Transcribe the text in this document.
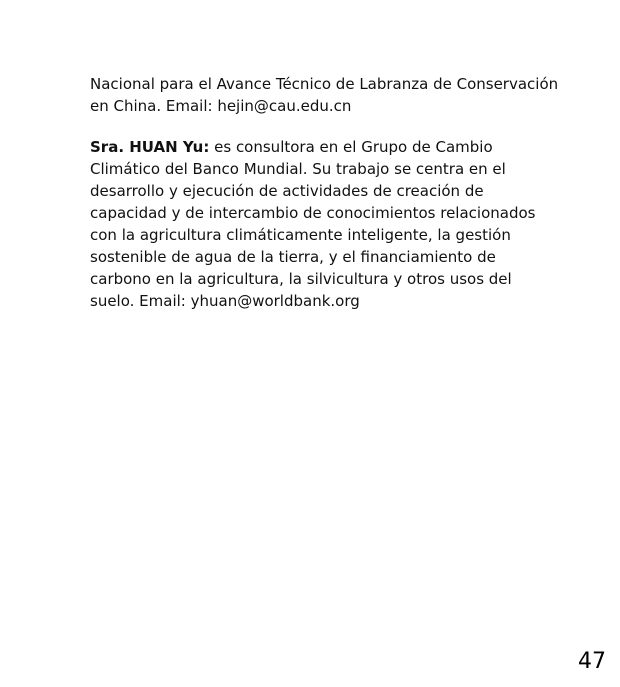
Nacional para el Avance Técnico de Labranza de Conservación en China. Email: hejin@cau.edu.cn
Sra. HUAN Yu: es consultora en el Grupo de Cambio Climático del Banco Mundial. Su trabajo se centra en el desarrollo y ejecución de actividades de creación de capacidad y de intercambio de conocimientos relacionados con la agricultura climáticamente inteligente, la gestión sostenible de agua de la tierra, y el financiamiento de carbono en la agricultura, la silvicultura y otros usos del suelo. Email: yhuan@worldbank.org
47
